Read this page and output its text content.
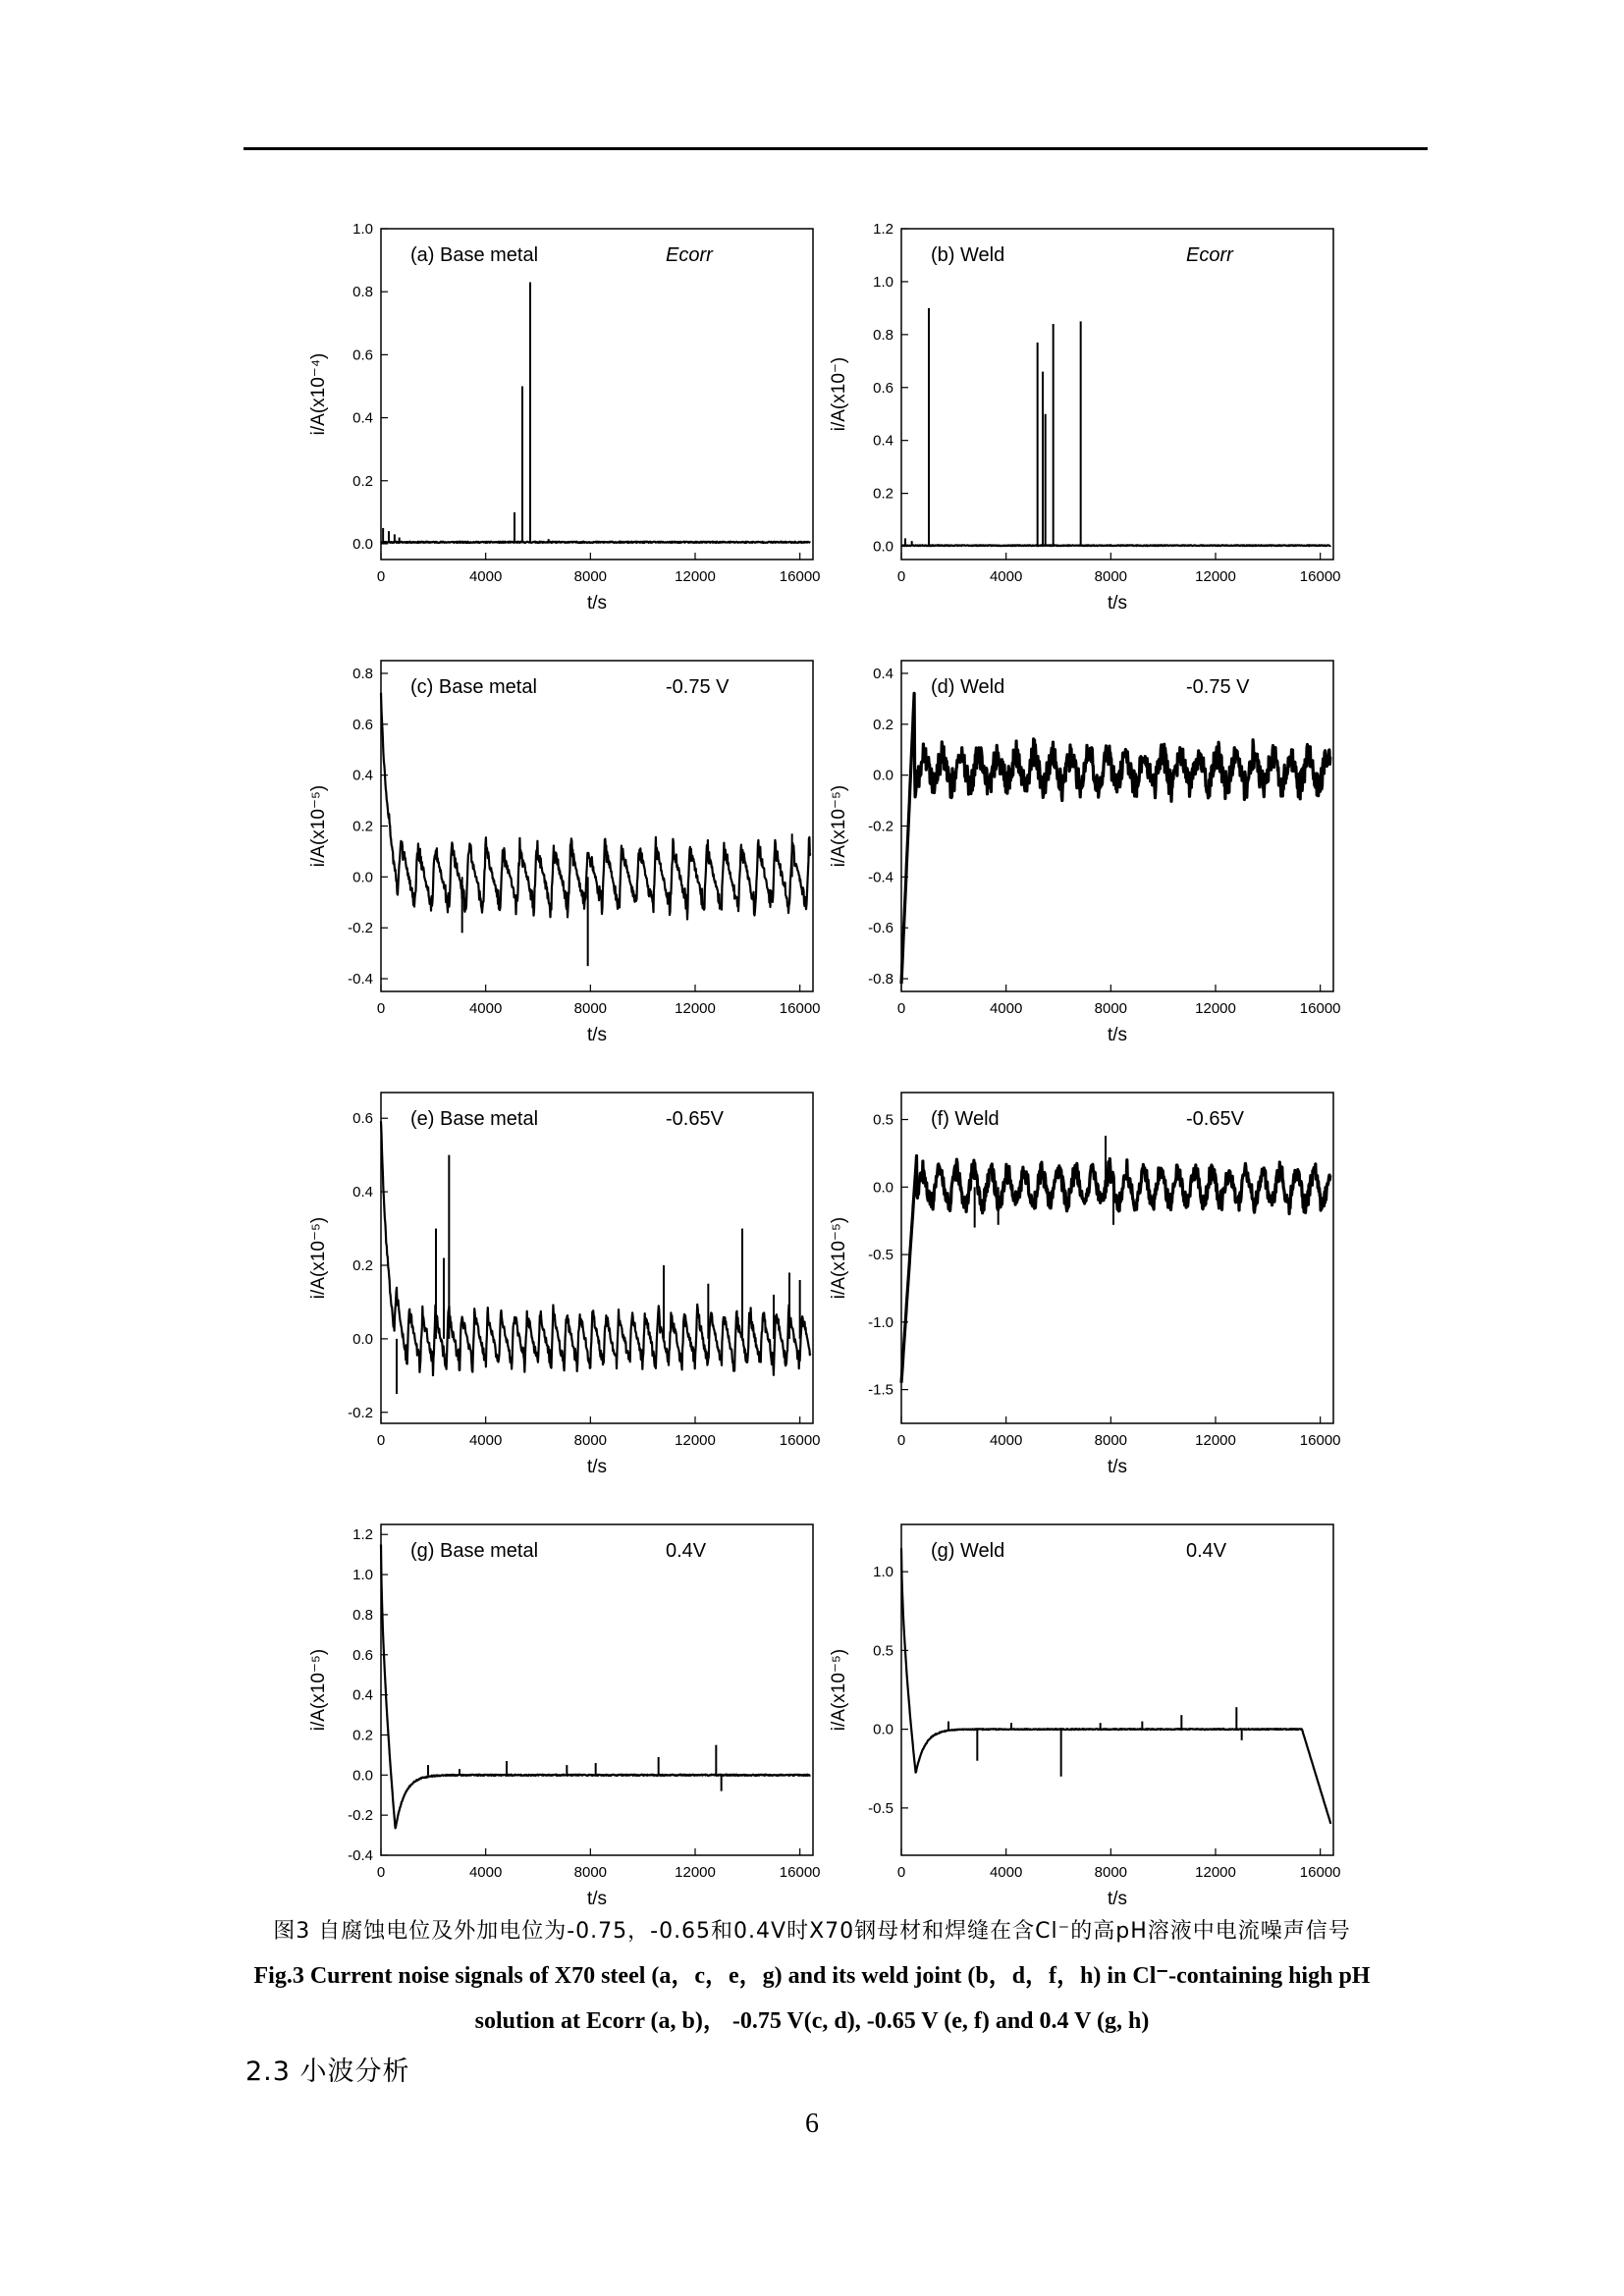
0	4000	8000	12000	16000
0.0
0.2
0.4
0.6
0.8
1.0
t/s
i/A(x10⁻⁴)
(a) Base metal	Ecorr
0	4000	8000	12000	16000
0.0
0.2
0.4
0.6
0.8
1.0
1.2
t/s
i/A(x10⁻)
(b) Weld	Ecorr
0	4000	8000	12000	16000
-0.4
-0.2
0.0
0.2
0.4
0.6
0.8
t/s
i/A(x10⁻⁵)
(c) Base metal	-0.75 V
0	4000	8000	12000	16000
-0.8
-0.6
-0.4
-0.2
0.0
0.2
0.4
t/s
i/A(x10⁻⁵)
(d) Weld	-0.75 V
0	4000	8000	12000	16000
-0.2
0.0
0.2
0.4
0.6
t/s
i/A(x10⁻⁵)
(e) Base metal	-0.65V
0	4000	8000	12000	16000
-1.5
-1.0
-0.5
0.0
0.5
t/s
i/A(x10⁻⁵)
(f) Weld	-0.65V
0	4000	8000	12000	16000
-0.4
-0.2
0.0
0.2
0.4
0.6
0.8
1.0
1.2
t/s
i/A(x10⁻⁵)
(g) Base metal	0.4V
0	4000	8000	12000	16000
-0.5
0.0
0.5
1.0
t/s
i/A(x10⁻⁵)
(g) Weld	0.4V
图3 自腐蚀电位及外加电位为-0.75，-0.65和0.4V时X70钢母材和焊缝在含Cl⁻的高pH溶液中电流噪声信号
Fig.3 Current noise signals of X70 steel (a，c，e，g) and its weld joint (b，d，f，h) in Cl⁻-containing high pH
solution at Ecorr (a, b)， -0.75 V(c, d), -0.65 V (e, f) and 0.4 V (g, h)
2.3 小波分析
6
